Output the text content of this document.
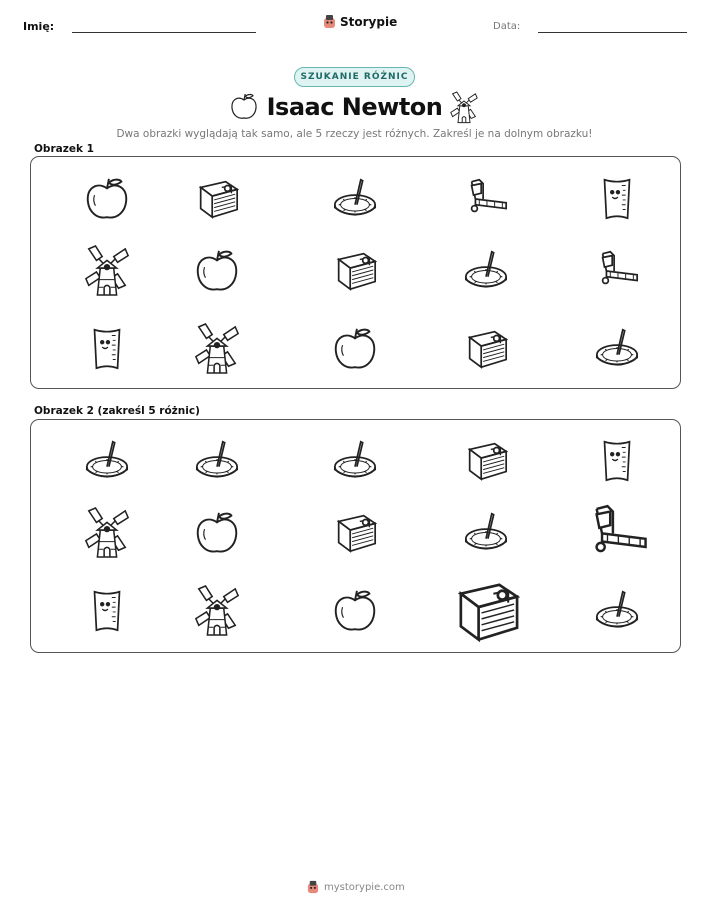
Imię:	Storypie	Data:
SZUKANIE RÓŻNIC
Isaac Newton
Dwa obrazki wyglądają tak samo, ale 5 rzeczy jest różnych. Zakreśl je na dolnym obrazku!
Obrazek 1
Obrazek 2 (zakreśl 5 różnic)
mystorypie.com
